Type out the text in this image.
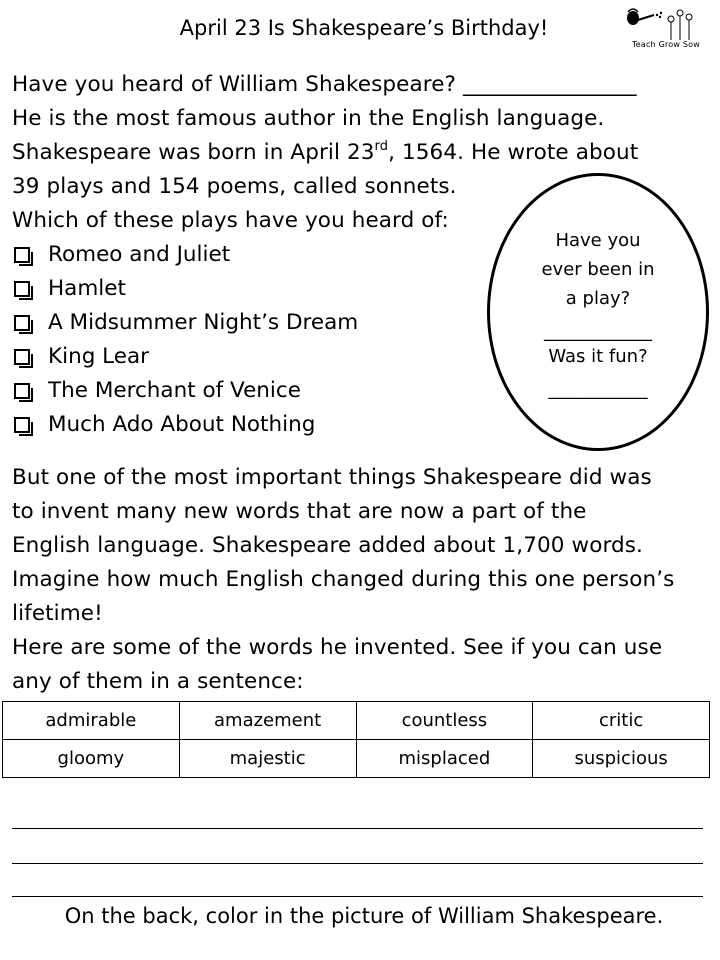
April 23 Is Shakespeare’s Birthday!
Teach Grow Sow
Have you heard of William Shakespeare? ________________
He is the most famous author in the English language.
Shakespeare was born in April 23rd, 1564. He wrote about
39 plays and 154 poems, called sonnets.
Which of these plays have you heard of:
Romeo and Juliet
Hamlet
A Midsummer Night’s Dream
King Lear
The Merchant of Venice
Much Ado About Nothing
Have you
ever been in
a play?
____________
Was it fun?
___________
But one of the most important things Shakespeare did was
to invent many new words that are now a part of the
English language. Shakespeare added about 1,700 words.
Imagine how much English changed during this one person’s
lifetime!
Here are some of the words he invented. See if you can use
any of them in a sentence:
admirable	amazement	countless	critic
gloomy	majestic	misplaced	suspicious
On the back, color in the picture of William Shakespeare.
